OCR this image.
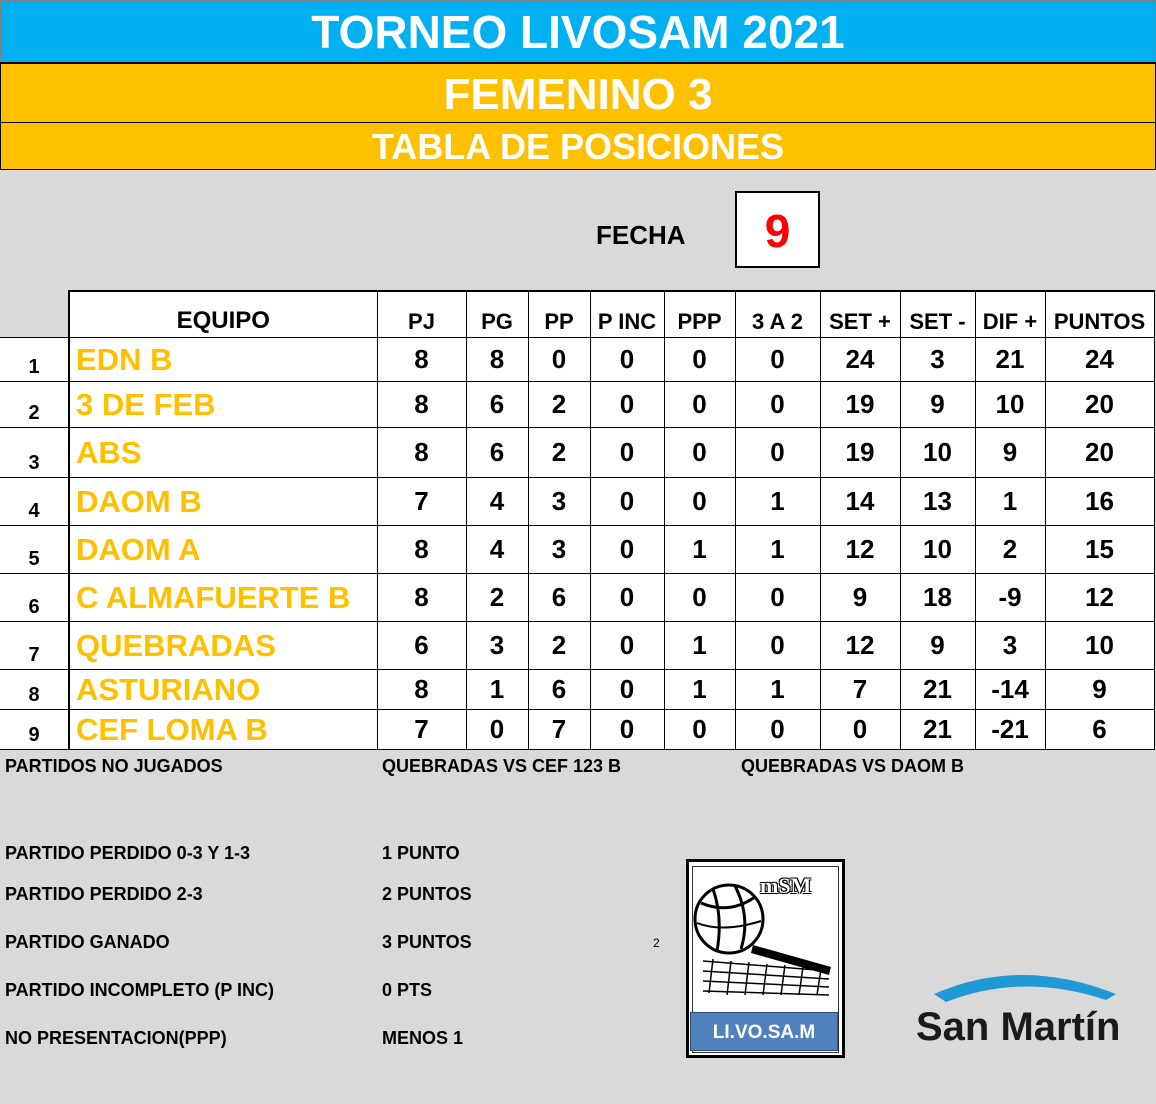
TORNEO LIVOSAM 2021
FEMENINO 3
TABLA DE POSICIONES
FECHA	9
	EQUIPO	PJ	PG	PP	P INC	PPP	3 A 2	SET +	SET -	DIF +	PUNTOS
1	EDN B	8	8	0	0	0	0	24	3	21	24
2	3 DE FEB	8	6	2	0	0	0	19	9	10	20
3	ABS	8	6	2	0	0	0	19	10	9	20
4	DAOM B	7	4	3	0	0	1	14	13	1	16
5	DAOM A	8	4	3	0	1	1	12	10	2	15
6	C ALMAFUERTE B	8	2	6	0	0	0	9	18	-9	12
7	QUEBRADAS	6	3	2	0	1	0	12	9	3	10
8	ASTURIANO	8	1	6	0	1	1	7	21	-14	9
9	CEF LOMA B	7	0	7	0	0	0	0	21	-21	6
PARTIDOS NO JUGADOS	QUEBRADAS VS CEF 123 B	QUEBRADAS VS DAOM B
PARTIDO PERDIDO 0-3 Y 1-3	1 PUNTO
PARTIDO PERDIDO 2-3	2 PUNTOS
PARTIDO GANADO	3 PUNTOS
PARTIDO INCOMPLETO (P INC)	0 PTS
NO PRESENTACION(PPP)	MENOS 1
2
mSM
LI.VO.SA.M	San Martín
